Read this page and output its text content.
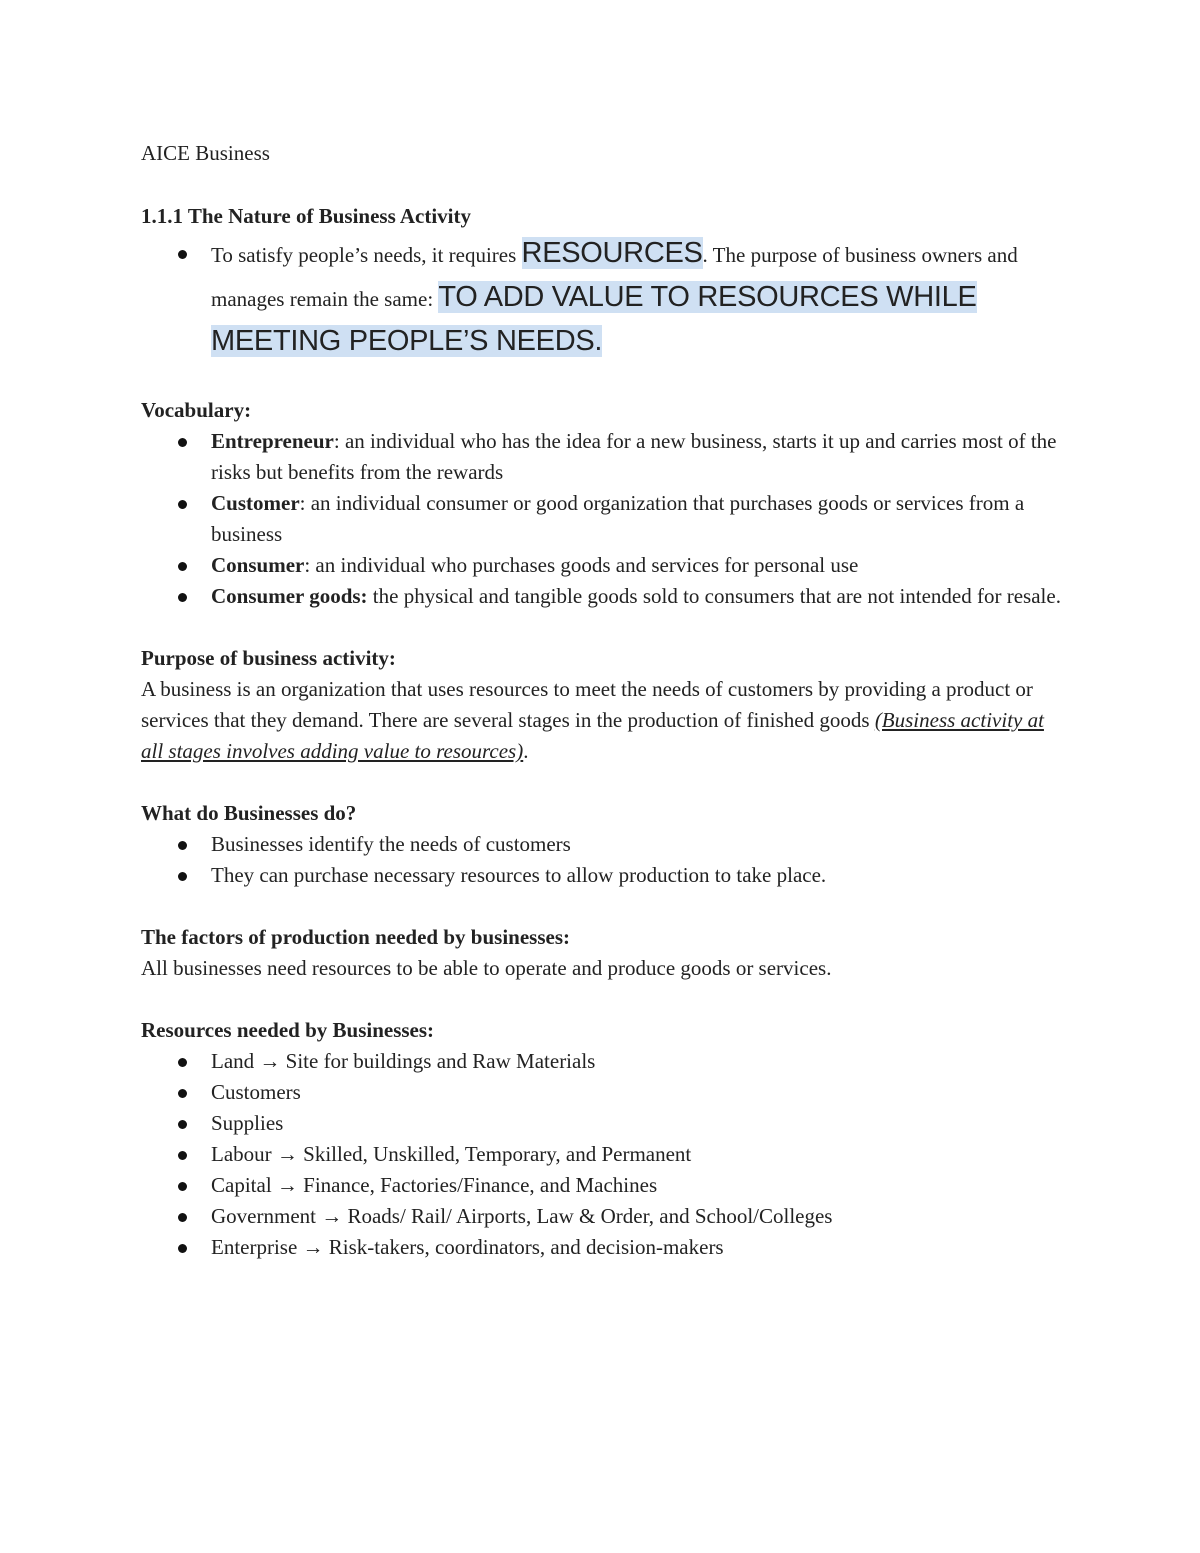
AICE Business

1.1.1 The Nature of Business Activity

To satisfy people’s needs, it requires RESOURCES. The purpose of business owners and manages remain the same: TO ADD VALUE TO RESOURCES WHILE MEETING PEOPLE’S NEEDS.

Vocabulary:

Entrepreneur: an individual who has the idea for a new business, starts it up and carries most of the risks but benefits from the rewards
Customer: an individual consumer or good organization that purchases goods or services from a business
Consumer: an individual who purchases goods and services for personal use
Consumer goods: the physical and tangible goods sold to consumers that are not intended for resale.

Purpose of business activity:

A business is an organization that uses resources to meet the needs of customers by providing a product or services that they demand. There are several stages in the production of finished goods (Business activity at all stages involves adding value to resources).

What do Businesses do?

Businesses identify the needs of customers
They can purchase necessary resources to allow production to take place.

The factors of production needed by businesses:

All businesses need resources to be able to operate and produce goods or services.

Resources needed by Businesses:

Land → Site for buildings and Raw Materials
Customers
Supplies
Labour → Skilled, Unskilled, Temporary, and Permanent
Capital → Finance, Factories/Finance, and Machines
Government → Roads/ Rail/ Airports, Law & Order, and School/Colleges
Enterprise → Risk-takers, coordinators, and decision-makers
